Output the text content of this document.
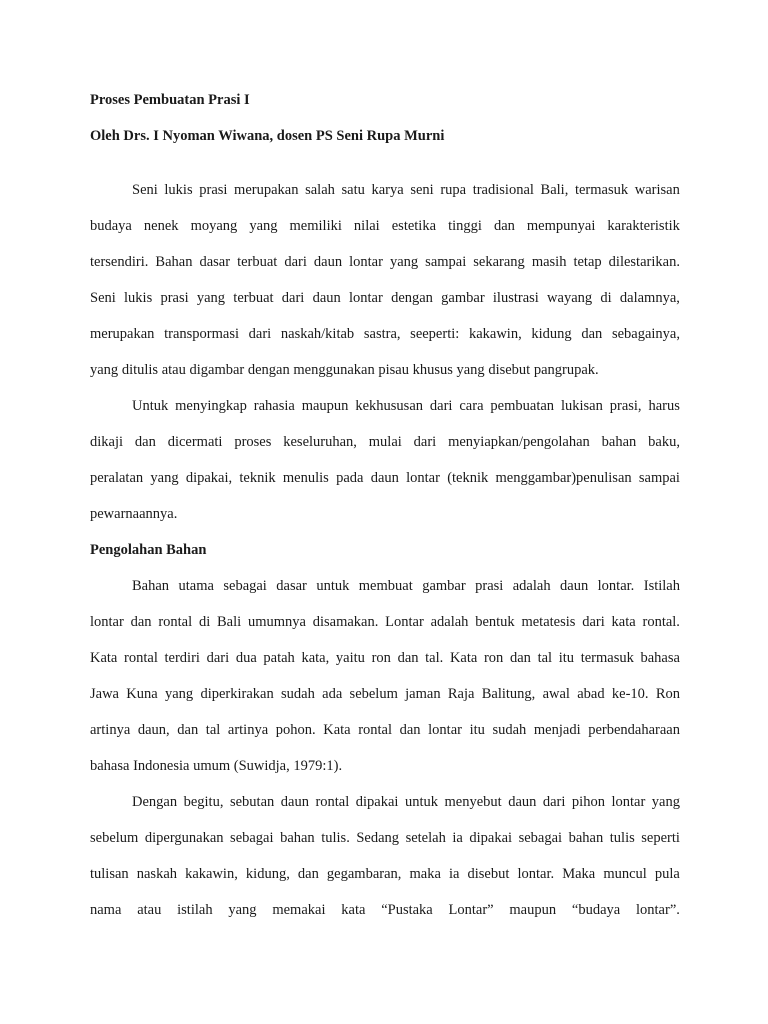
Proses Pembuatan Prasi I

Oleh Drs. I Nyoman Wiwana, dosen PS Seni Rupa Murni

Seni lukis prasi merupakan salah satu karya seni rupa tradisional Bali, termasuk warisan
budaya nenek moyang yang memiliki nilai estetika tinggi dan mempunyai karakteristik
tersendiri. Bahan dasar terbuat dari daun lontar yang sampai sekarang masih tetap dilestarikan.
Seni lukis prasi yang terbuat dari daun lontar dengan gambar ilustrasi wayang di dalamnya,
merupakan transpormasi dari naskah/kitab sastra, seeperti: kakawin, kidung dan sebagainya,
yang ditulis atau digambar dengan menggunakan pisau khusus yang disebut pangrupak.
Untuk menyingkap rahasia maupun kekhususan dari cara pembuatan lukisan prasi, harus
dikaji dan dicermati proses keseluruhan, mulai dari menyiapkan/pengolahan bahan baku,
peralatan yang dipakai, teknik menulis pada daun lontar (teknik menggambar)penulisan sampai
pewarnaannya.

Pengolahan Bahan

Bahan utama sebagai dasar untuk membuat gambar prasi adalah daun lontar. Istilah
lontar dan rontal di Bali umumnya disamakan. Lontar adalah bentuk metatesis dari kata rontal.
Kata rontal terdiri dari dua patah kata, yaitu ron dan tal. Kata ron dan tal itu termasuk bahasa
Jawa Kuna yang diperkirakan sudah ada sebelum jaman Raja Balitung, awal abad ke-10. Ron
artinya daun, dan tal artinya pohon. Kata rontal dan lontar itu sudah menjadi perbendaharaan
bahasa Indonesia umum (Suwidja, 1979:1).
Dengan begitu, sebutan daun rontal dipakai untuk menyebut daun dari pihon lontar yang
sebelum dipergunakan sebagai bahan tulis. Sedang setelah ia dipakai sebagai bahan tulis seperti
tulisan naskah kakawin, kidung, dan gegambaran, maka ia disebut lontar. Maka muncul pula
nama atau istilah yang memakai kata “Pustaka Lontar” maupun “budaya lontar”.
